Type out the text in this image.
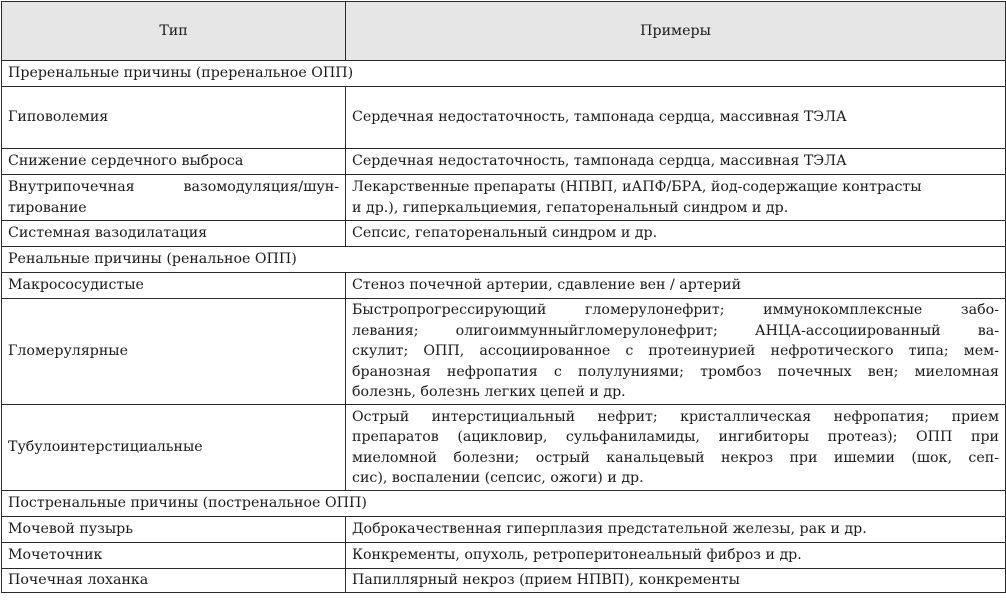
Тип	Примеры
Преренальные причины (преренальное ОПП)	
Гиповолемия	Сердечная недостаточность, тампонада сердца, массивная ТЭЛА
Снижение сердечного выброса	Сердечная недостаточность, тампонада сердца, массивная ТЭЛА

Внутрипочечная вазомодуляция/шун-
тирование	Лекарственные препараты (НПВП, иАПФ/БРА, йод-содержащие контрасты
и др.), гиперкальциемия, гепаторенальный синдром и др.

Системная вазодилатация	Сепсис, гепаторенальный синдром и др.
Ренальные причины (ренальное ОПП)	
Макрососудистые	Стеноз почечной артерии, сдавление вен / артерий
Гломерулярные	Быстропрогрессирующий гломерулонефрит; иммунокомплексные забо-
левания; олигоиммунныйгломерулонефрит; АНЦА-ассоциированный ва-
скулит; ОПП, ассоциированное с протеинурией нефротического типа; мем-
бранозная нефропатия с полулуниями; тромбоз почечных вен; миеломная
болезнь, болезнь легких цепей и др.

Тубулоинтерстициальные	Острый интерстициальный нефрит; кристаллическая нефропатия; прием
препаратов (ацикловир, сульфаниламиды, ингибиторы протеаз); ОПП при
миеломной болезни; острый канальцевый некроз при ишемии (шок, сеп-
сис), воспалении (сепсис, ожоги) и др.

Постренальные причины (постренальное ОПП)	
Мочевой пузырь	Доброкачественная гиперплазия предстательной железы, рак и др.
Мочеточник	Конкременты, опухоль, ретроперитонеальный фиброз и др.
Почечная лоханка	Папиллярный некроз (прием НПВП), конкременты
